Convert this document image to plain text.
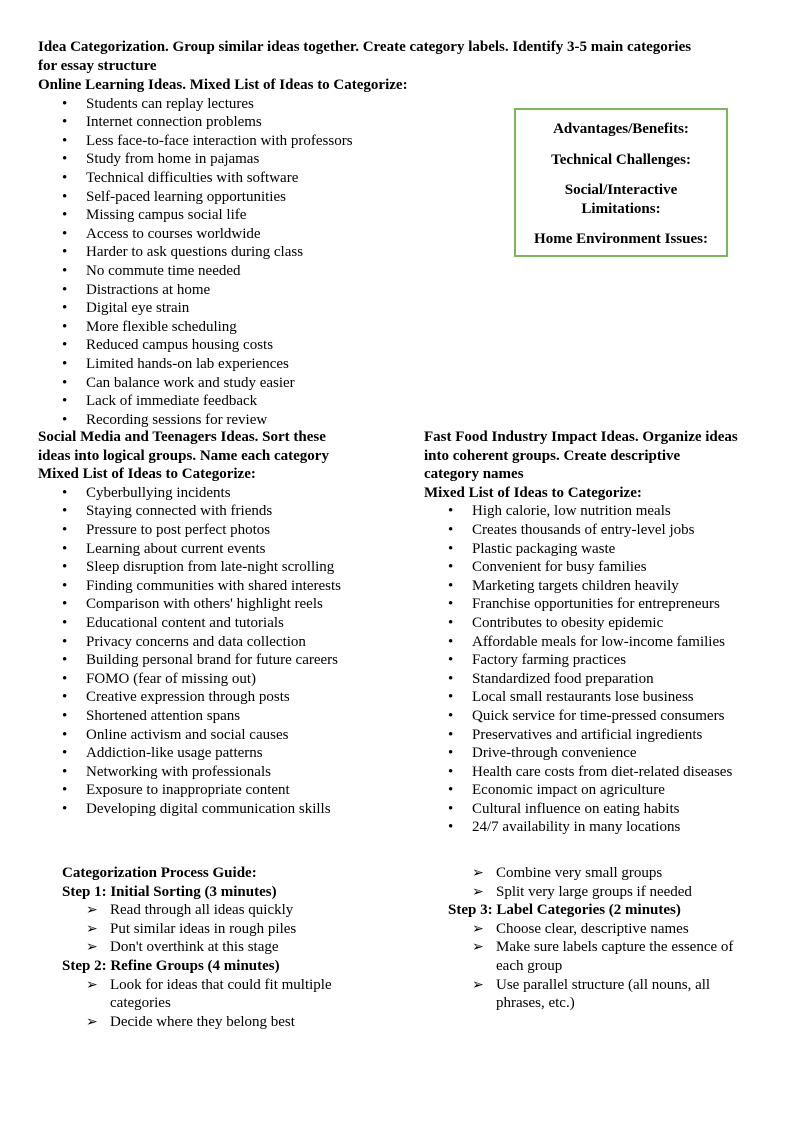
Idea Categorization. Group similar ideas together. Create category labels. Identify 3-5 main categories
for essay structure
Online Learning Ideas. Mixed List of Ideas to Categorize:
• Students can replay lectures
• Internet connection problems
• Less face-to-face interaction with professors
• Study from home in pajamas
• Technical difficulties with software
• Self-paced learning opportunities
• Missing campus social life
• Access to courses worldwide
• Harder to ask questions during class
• No commute time needed
• Distractions at home
• Digital eye strain
• More flexible scheduling
• Reduced campus housing costs
• Limited hands-on lab experiences
• Can balance work and study easier
• Lack of immediate feedback
• Recording sessions for review
Advantages/Benefits:
Technical Challenges:
Social/Interactive Limitations:
Home Environment Issues:
Social Media and Teenagers Ideas. Sort these
ideas into logical groups. Name each category
Mixed List of Ideas to Categorize:
• Cyberbullying incidents
• Staying connected with friends
• Pressure to post perfect photos
• Learning about current events
• Sleep disruption from late-night scrolling
• Finding communities with shared interests
• Comparison with others' highlight reels
• Educational content and tutorials
• Privacy concerns and data collection
• Building personal brand for future careers
• FOMO (fear of missing out)
• Creative expression through posts
• Shortened attention spans
• Online activism and social causes
• Addiction-like usage patterns
• Networking with professionals
• Exposure to inappropriate content
• Developing digital communication skills
Fast Food Industry Impact Ideas. Organize ideas
into coherent groups. Create descriptive
category names
Mixed List of Ideas to Categorize:
• High calorie, low nutrition meals
• Creates thousands of entry-level jobs
• Plastic packaging waste
• Convenient for busy families
• Marketing targets children heavily
• Franchise opportunities for entrepreneurs
• Contributes to obesity epidemic
• Affordable meals for low-income families
• Factory farming practices
• Standardized food preparation
• Local small restaurants lose business
• Quick service for time-pressed consumers
• Preservatives and artificial ingredients
• Drive-through convenience
• Health care costs from diet-related diseases
• Economic impact on agriculture
• Cultural influence on eating habits
• 24/7 availability in many locations
Categorization Process Guide:
Step 1: Initial Sorting (3 minutes)
➢ Read through all ideas quickly
➢ Put similar ideas in rough piles
➢ Don't overthink at this stage
Step 2: Refine Groups (4 minutes)
➢ Look for ideas that could fit multiple categories
➢ Decide where they belong best
➢ Combine very small groups
➢ Split very large groups if needed
Step 3: Label Categories (2 minutes)
➢ Choose clear, descriptive names
➢ Make sure labels capture the essence of each group
➢ Use parallel structure (all nouns, all phrases, etc.)
